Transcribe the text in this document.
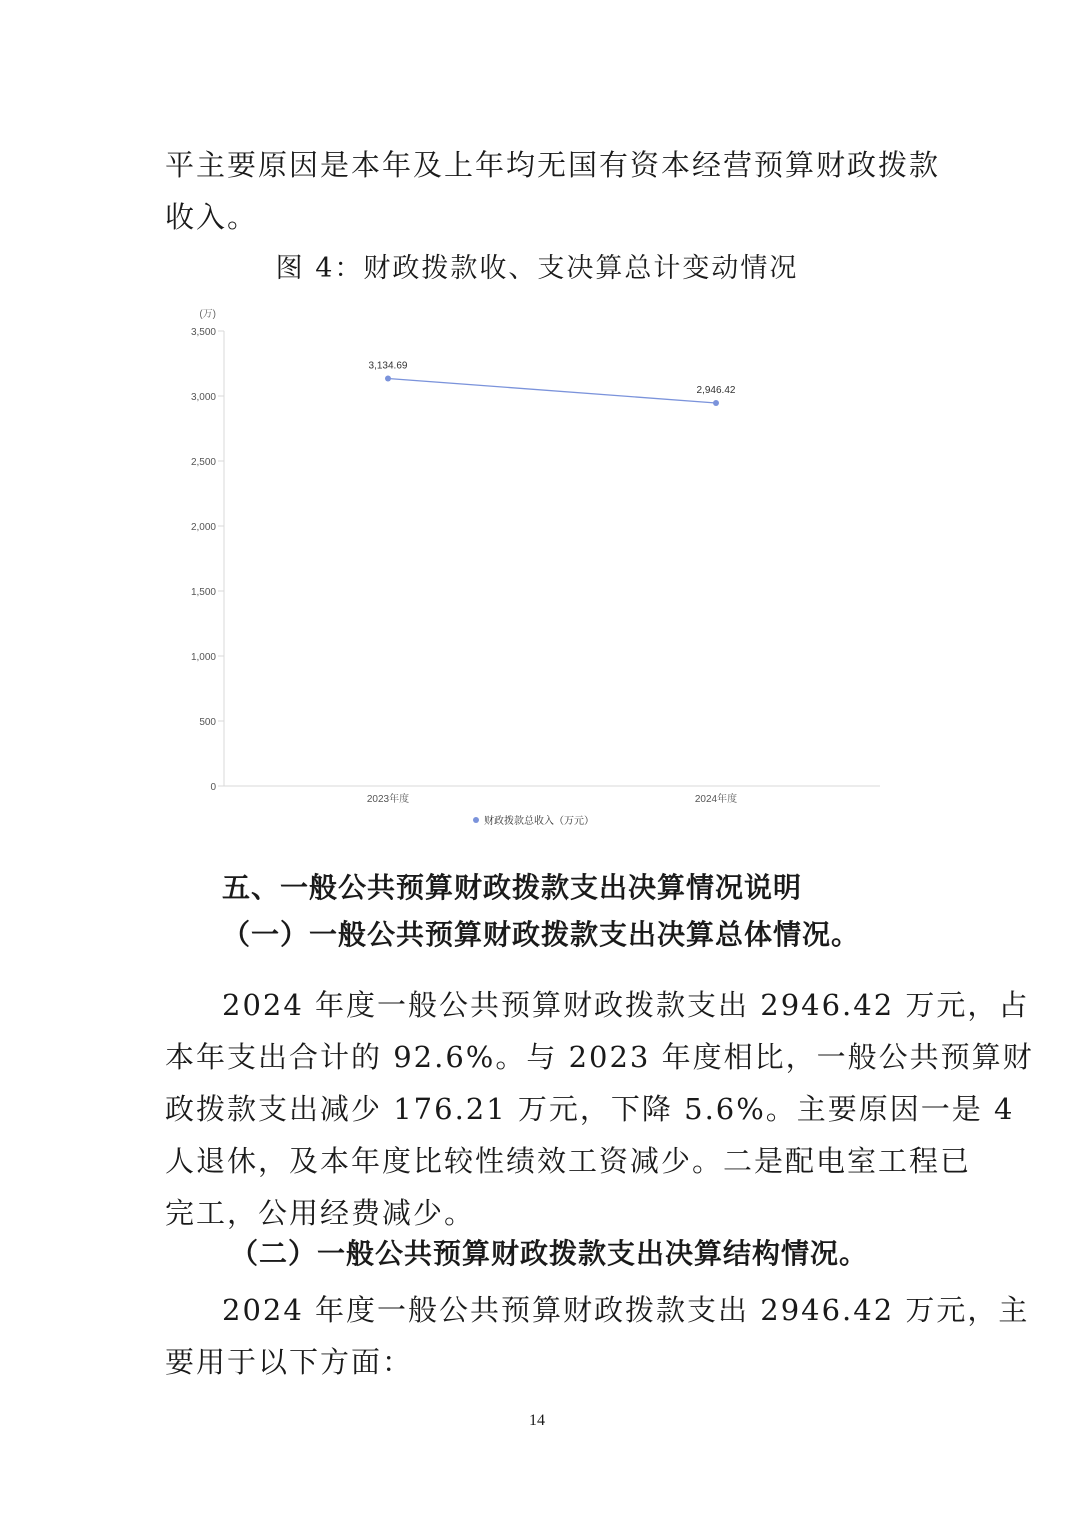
平主要原因是本年及上年均无国有资本经营预算财政拨款
收入。
图 4：财政拨款收、支决算总计变动情况
(万)
0
500
1,000
1,500
2,000
2,500
3,000
3,500
2023年度	2024年度
3,134.69
2,946.42
财政拨款总收入（万元）
五、一般公共预算财政拨款支出决算情况说明
（一）一般公共预算财政拨款支出决算总体情况。
2024 年度一般公共预算财政拨款支出 2946.42 万元，占
本年支出合计的 92.6%。与 2023 年度相比，一般公共预算财
政拨款支出减少 176.21 万元，下降 5.6%。主要原因一是 4
人退休，及本年度比较性绩效工资减少。二是配电室工程已
完工，公用经费减少。
（二）一般公共预算财政拨款支出决算结构情况。
2024 年度一般公共预算财政拨款支出 2946.42 万元，主
要用于以下方面：
14
